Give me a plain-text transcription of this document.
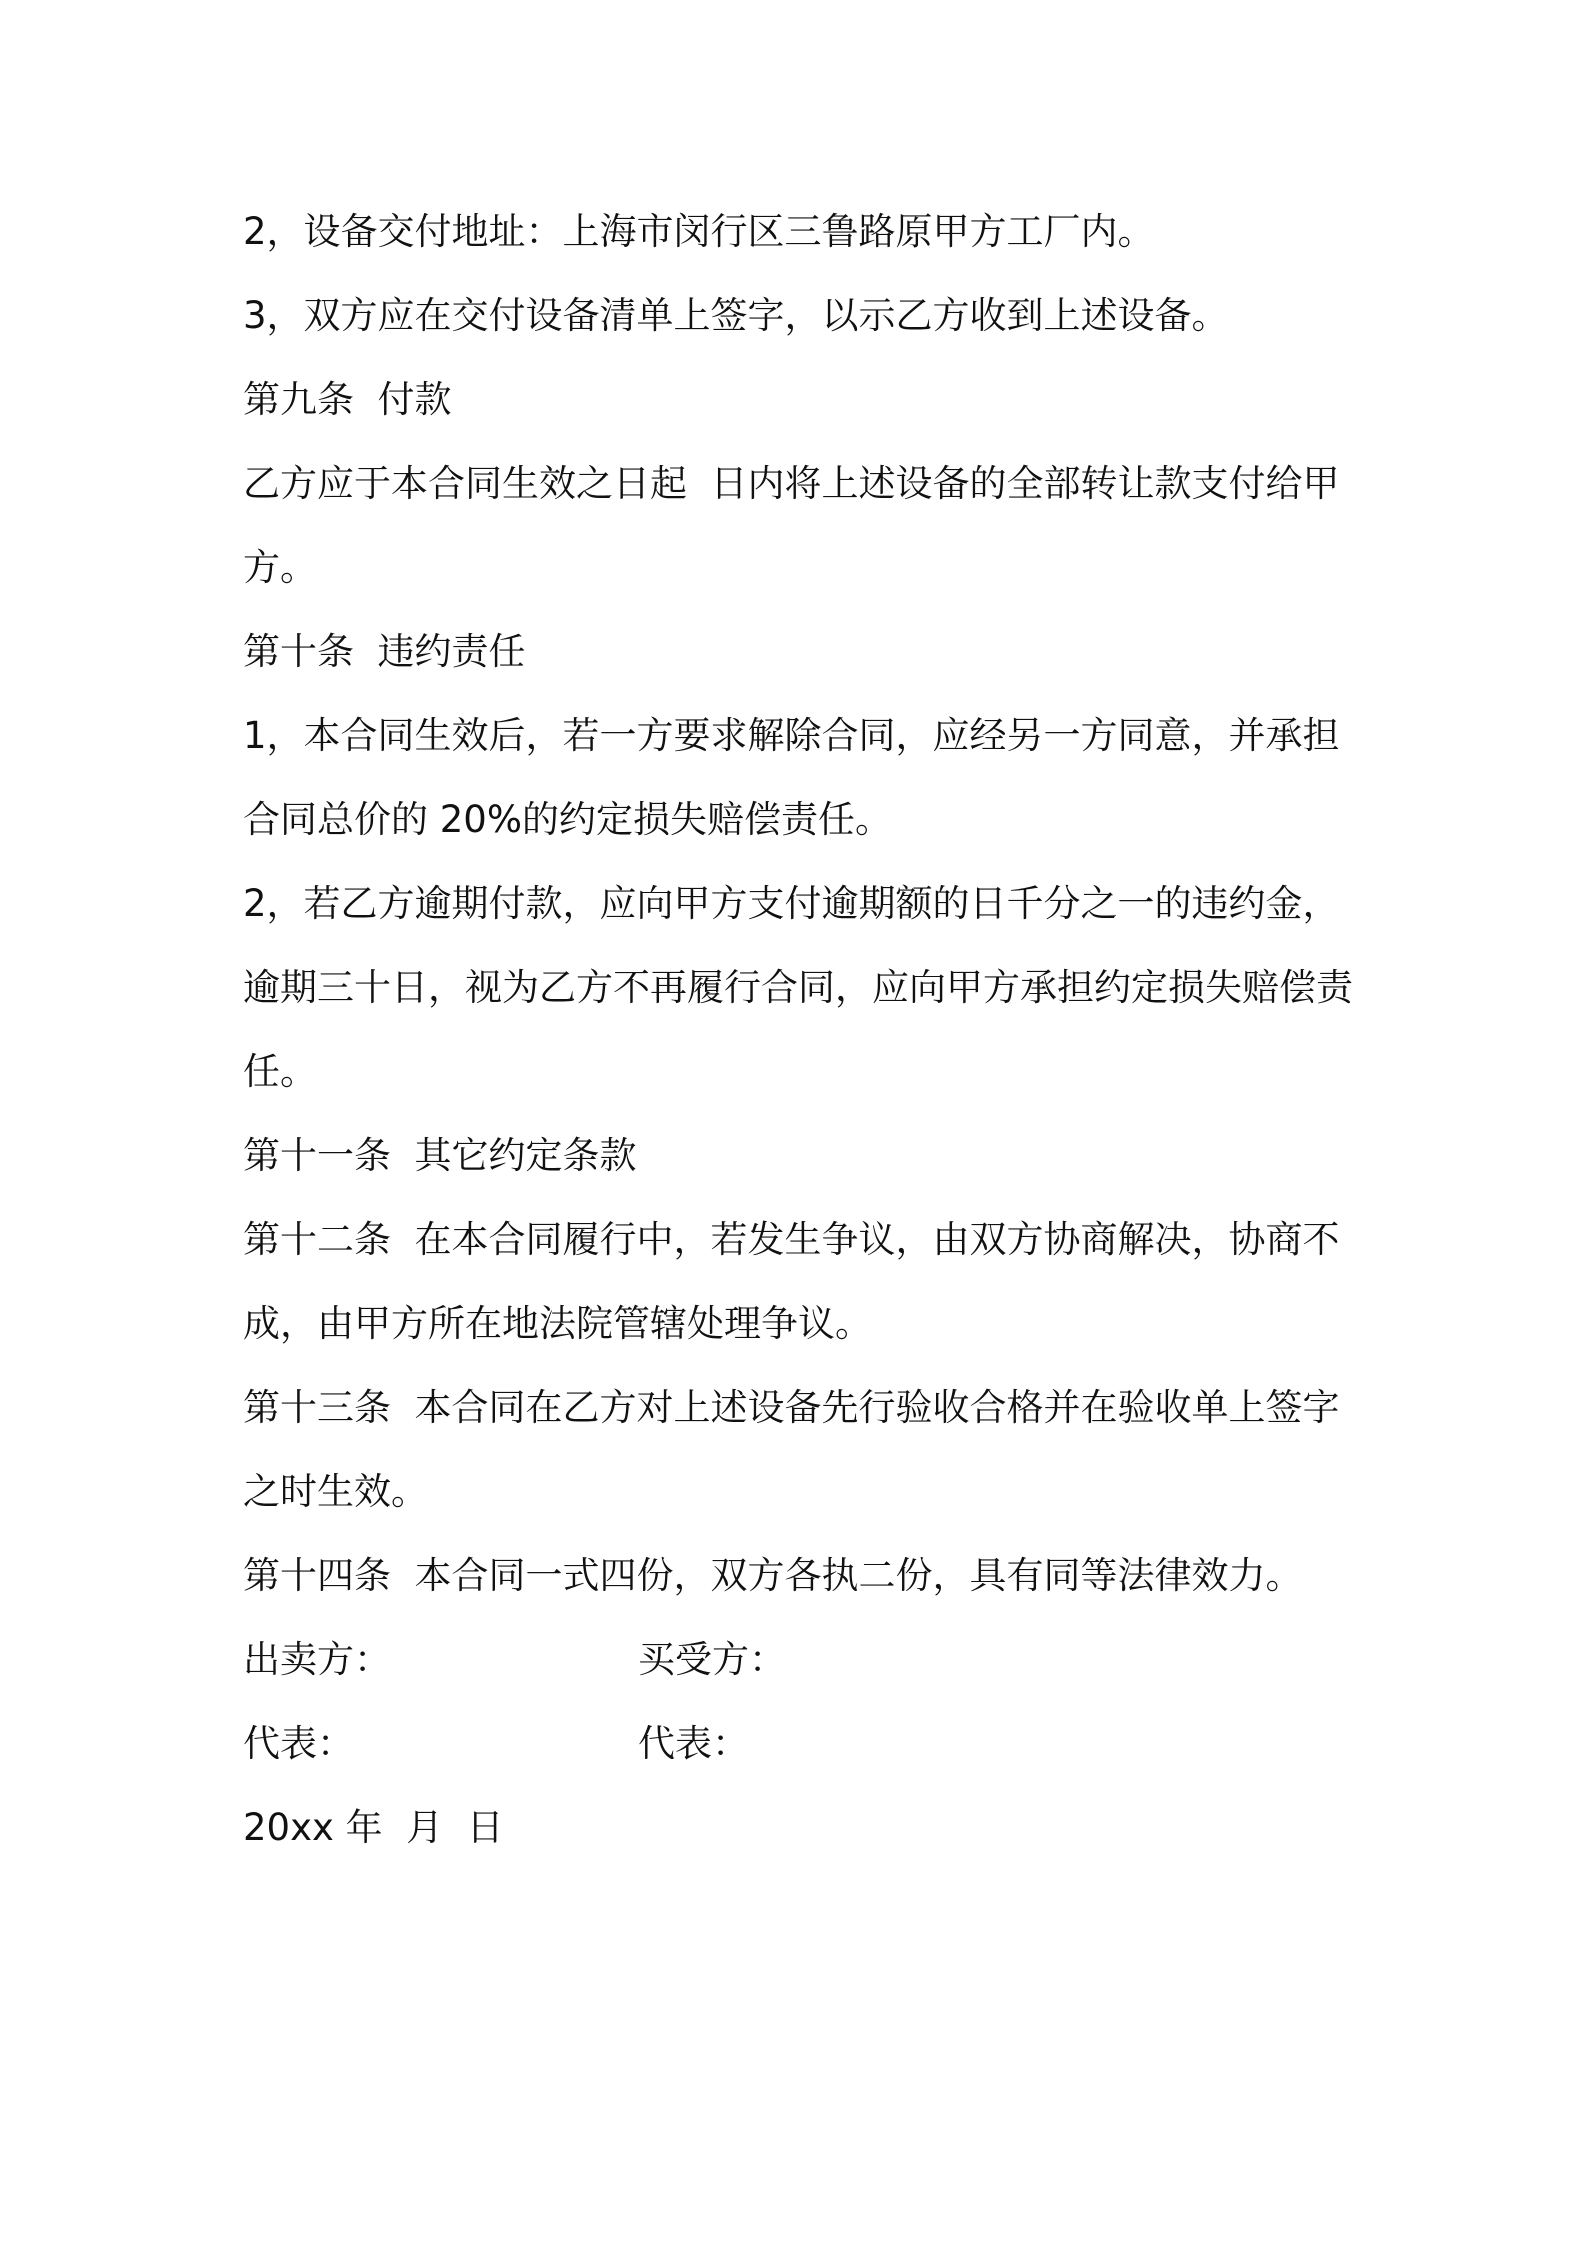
2，设备交付地址：上海市闵行区三鲁路原甲方工厂内。

3，双方应在交付设备清单上签字，以示乙方收到上述设备。

第九条  付款

乙方应于本合同生效之日起  日内将上述设备的全部转让款支付给甲

方。

第十条  违约责任

1，本合同生效后，若一方要求解除合同，应经另一方同意，并承担

合同总价的 20%的约定损失赔偿责任。

2，若乙方逾期付款，应向甲方支付逾期额的日千分之一的违约金，

逾期三十日，视为乙方不再履行合同，应向甲方承担约定损失赔偿责

任。

第十一条  其它约定条款

第十二条  在本合同履行中，若发生争议，由双方协商解决，协商不

成，由甲方所在地法院管辖处理争议。

第十三条  本合同在乙方对上述设备先行验收合格并在验收单上签字

之时生效。

第十四条  本合同一式四份，双方各执二份，具有同等法律效力。

出卖方：	买受方：
代表：	代表：

20xx 年  月  日
